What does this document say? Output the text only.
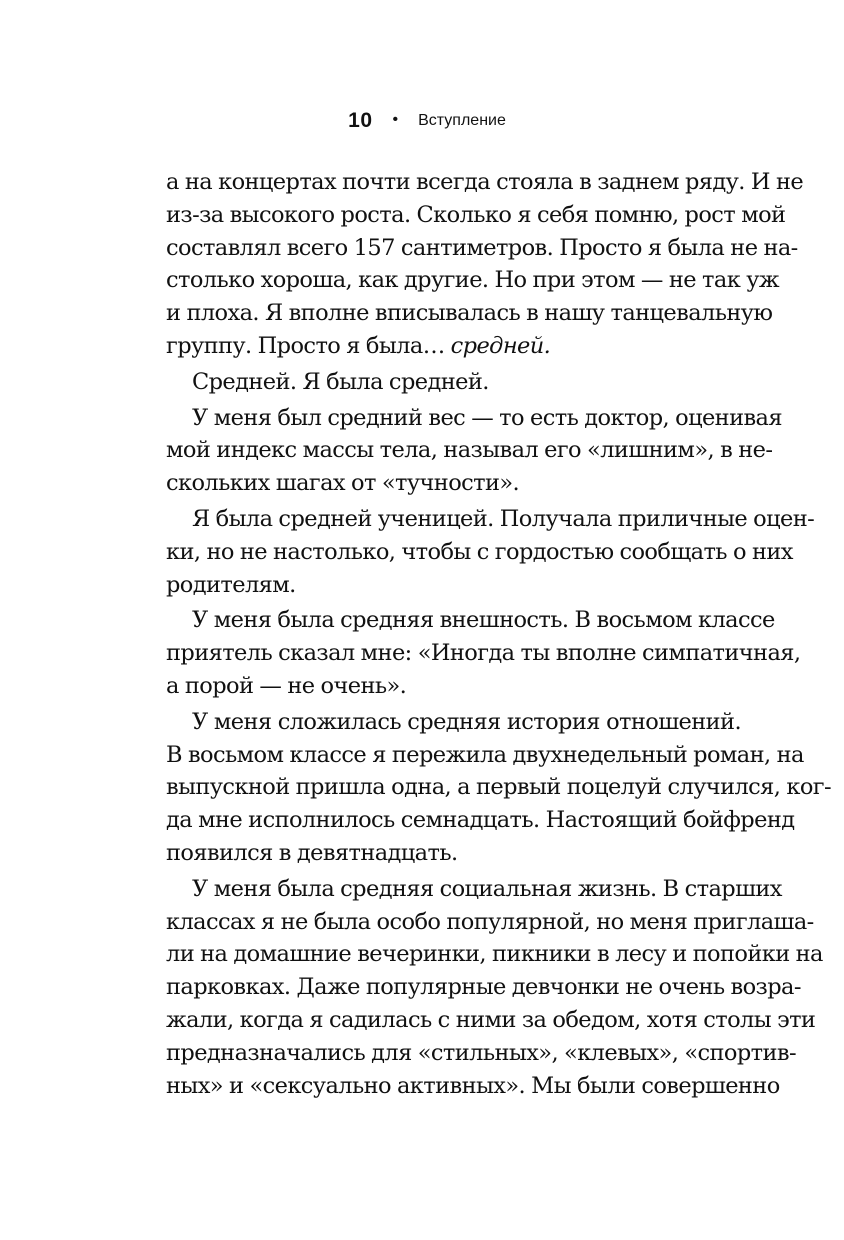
10 • Вступление
а на концертах почти всегда стояла в заднем ряду. И не
из-за высокого роста. Сколько я себя помню, рост мой
составлял всего 157 сантиметров. Просто я была не на-
столько хороша, как другие. Но при этом — не так уж
и плоха. Я вполне вписывалась в нашу танцевальную
группу. Просто я была… средней.
Средней. Я была средней.
У меня был средний вес — то есть доктор, оценивая
мой индекс массы тела, называл его «лишним», в не-
скольких шагах от «тучности».
Я была средней ученицей. Получала приличные оцен-
ки, но не настолько, чтобы с гордостью сообщать о них
родителям.
У меня была средняя внешность. В восьмом классе
приятель сказал мне: «Иногда ты вполне симпатичная,
а порой — не очень».
У меня сложилась средняя история отношений.
В восьмом классе я пережила двухнедельный роман, на
выпускной пришла одна, а первый поцелуй случился, ког-
да мне исполнилось семнадцать. Настоящий бойфренд
появился в девятнадцать.
У меня была средняя социальная жизнь. В старших
классах я не была особо популярной, но меня приглаша-
ли на домашние вечеринки, пикники в лесу и попойки на
парковках. Даже популярные девчонки не очень возра-
жали, когда я садилась с ними за обедом, хотя столы эти
предназначались для «стильных», «клевых», «спортив-
ных» и «сексуально активных». Мы были совершенно
